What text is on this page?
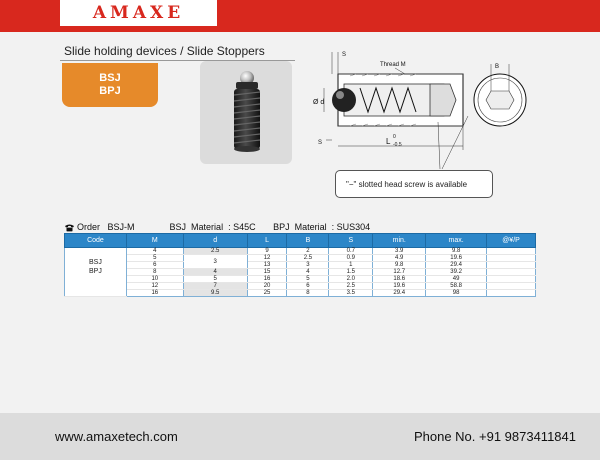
AMAXE
Slide holding devices / Slide Stoppers
BSJ
BPJ
S
Thread M
Ø d
S	L 0
-0.5
B
"−" slotted head screw is available
Order
BSJ-M
	BSJ  Material  : S45C
BPJ  Material  : SUS304
Code	M	d	L	B	S	min.	max.	@¥/P

BSJ
BPJ	4	2.5	9	2	0.7	3.9	9.8	
	5	3	12	2.5	0.9	4.9	19.6	
	6		13	3	1	9.8	29.4	
	8	4	15	4	1.5	12.7	39.2	
	10	5	16	5	2.0	18.6	49	
	12	7	20	6	2.5	19.6	58.8	
	16	9.5	25	8	3.5	29.4	98	
www.amaxetech.com	Phone No. +91 9873411841
